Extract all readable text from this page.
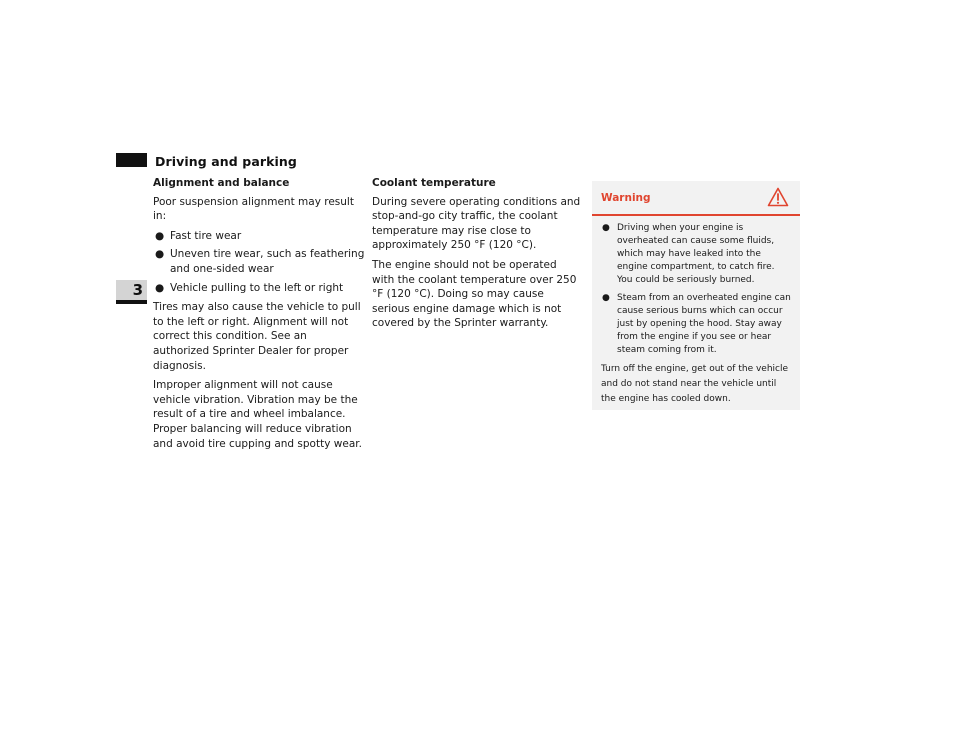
Driving and parking
3
Alignment and balance

Poor suspension alignment may result in:

● Fast tire wear
● Uneven tire wear, such as feathering and one-sided wear
● Vehicle pulling to the left or right

Tires may also cause the vehicle to pull to the left or right. Alignment will not correct this condition. See an authorized Sprinter Dealer for proper diagnosis.

Improper alignment will not cause vehicle vibration. Vibration may be the result of a tire and wheel imbalance. Proper balancing will reduce vibration and avoid tire cupping and spotty wear.

Coolant temperature

During severe operating conditions and stop-and-go city traffic, the coolant temperature may rise close to approximately 250 °F (120 °C).

The engine should not be operated with the coolant temperature over 250 °F (120 °C). Doing so may cause serious engine damage which is not covered by the Sprinter warranty.

Warning
● Driving when your engine is overheated can cause some fluids, which may have leaked into the engine compartment, to catch fire. You could be seriously burned.
● Steam from an overheated engine can cause serious burns which can occur just by opening the hood. Stay away from the engine if you see or hear steam coming from it.

Turn off the engine, get out of the vehicle and do not stand near the vehicle until the engine has cooled down.
